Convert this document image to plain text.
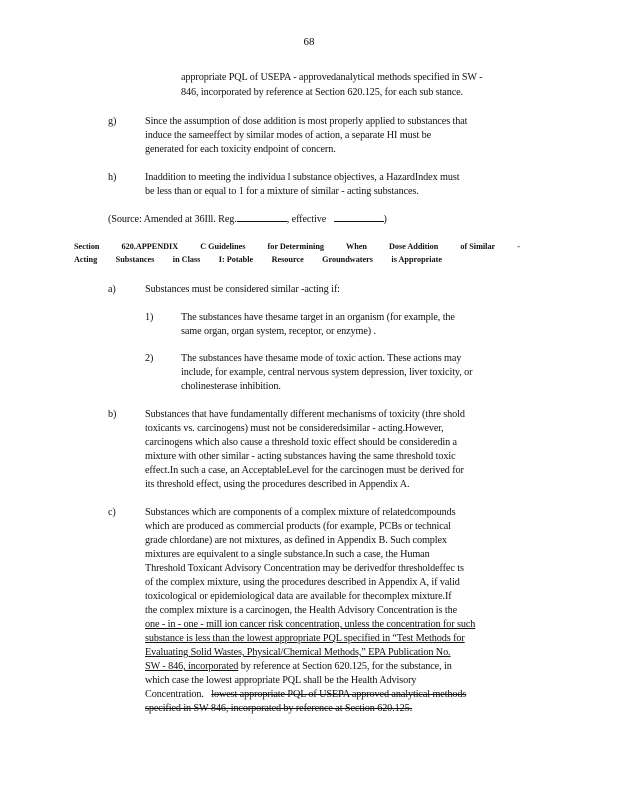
68
appropriate PQL of USEPA - approvedanalytical methods specified in SW -
846, incorporated by reference at Section 620.125, for each sub stance.
g)	Since the assumption of dose addition is most properly applied to substances that
induce the sameeffect by similar modes of action, a separate HI must be
generated for each toxicity endpoint of concern.
h)	Inaddition to meeting the individua l substance objectives, a HazardIndex must
be less than or equal to 1 for a mixture of similar - acting substances.
(Source: Amended at 36Ill. Reg.	, effective	)
Section	620.APPENDIX	C Guidelines	for Determining	When	Dose Addition	of Similar	-
Acting Substances in Class I: Potable Resource Groundwaters is Appropriate
a)	Substances must be considered similar -acting if:
1)	The substances have thesame target in an organism (for example, the
same organ, organ system, receptor, or enzyme) .
2)	The substances have thesame mode of toxic action. These actions may
include, for example, central nervous system depression, liver toxicity, or
cholinesterase inhibition.
b)	Substances that have fundamentally different mechanisms of toxicity (thre shold
toxicants vs. carcinogens) must not be consideredsimilar - acting.However,
carcinogens which also cause a threshold toxic effect should be consideredin a
mixture with other similar - acting substances having the same threshold toxic
effect.In such a case, an AcceptableLevel for the carcinogen must be derived for
its threshold effect, using the procedures described in Appendix A.
c)	Substances which are components of a complex mixture of relatedcompounds
which are produced as commercial products (for example, PCBs or technical
grade chlordane) are not mixtures, as defined in Appendix B. Such complex
mixtures are equivalent to a single substance.In such a case, the Human
Threshold Toxicant Advisory Concentration may be derivedfor thresholdeffec ts
of the complex mixture, using the procedures described in Appendix A, if valid
toxicological or epidemiological data are available for thecomplex mixture.If
the complex mixture is a carcinogen, the Health Advisory Concentration is the
one - in - one - mill ion cancer risk concentration, unless the concentration for such
substance is less than the lowest appropriate PQL specified in “Test Methods for
Evaluating Solid Wastes, Physical/Chemical Methods,” EPA Publication No.
SW - 846, incorporated by reference at Section 620.125, for the substance, in
which case the lowest appropriate PQL shall be the Health Advisory
Concentration. lowest appropriate PQL of USEPA approved analytical methods
specified in SW 846, incorporated by reference at Section 620.125.
